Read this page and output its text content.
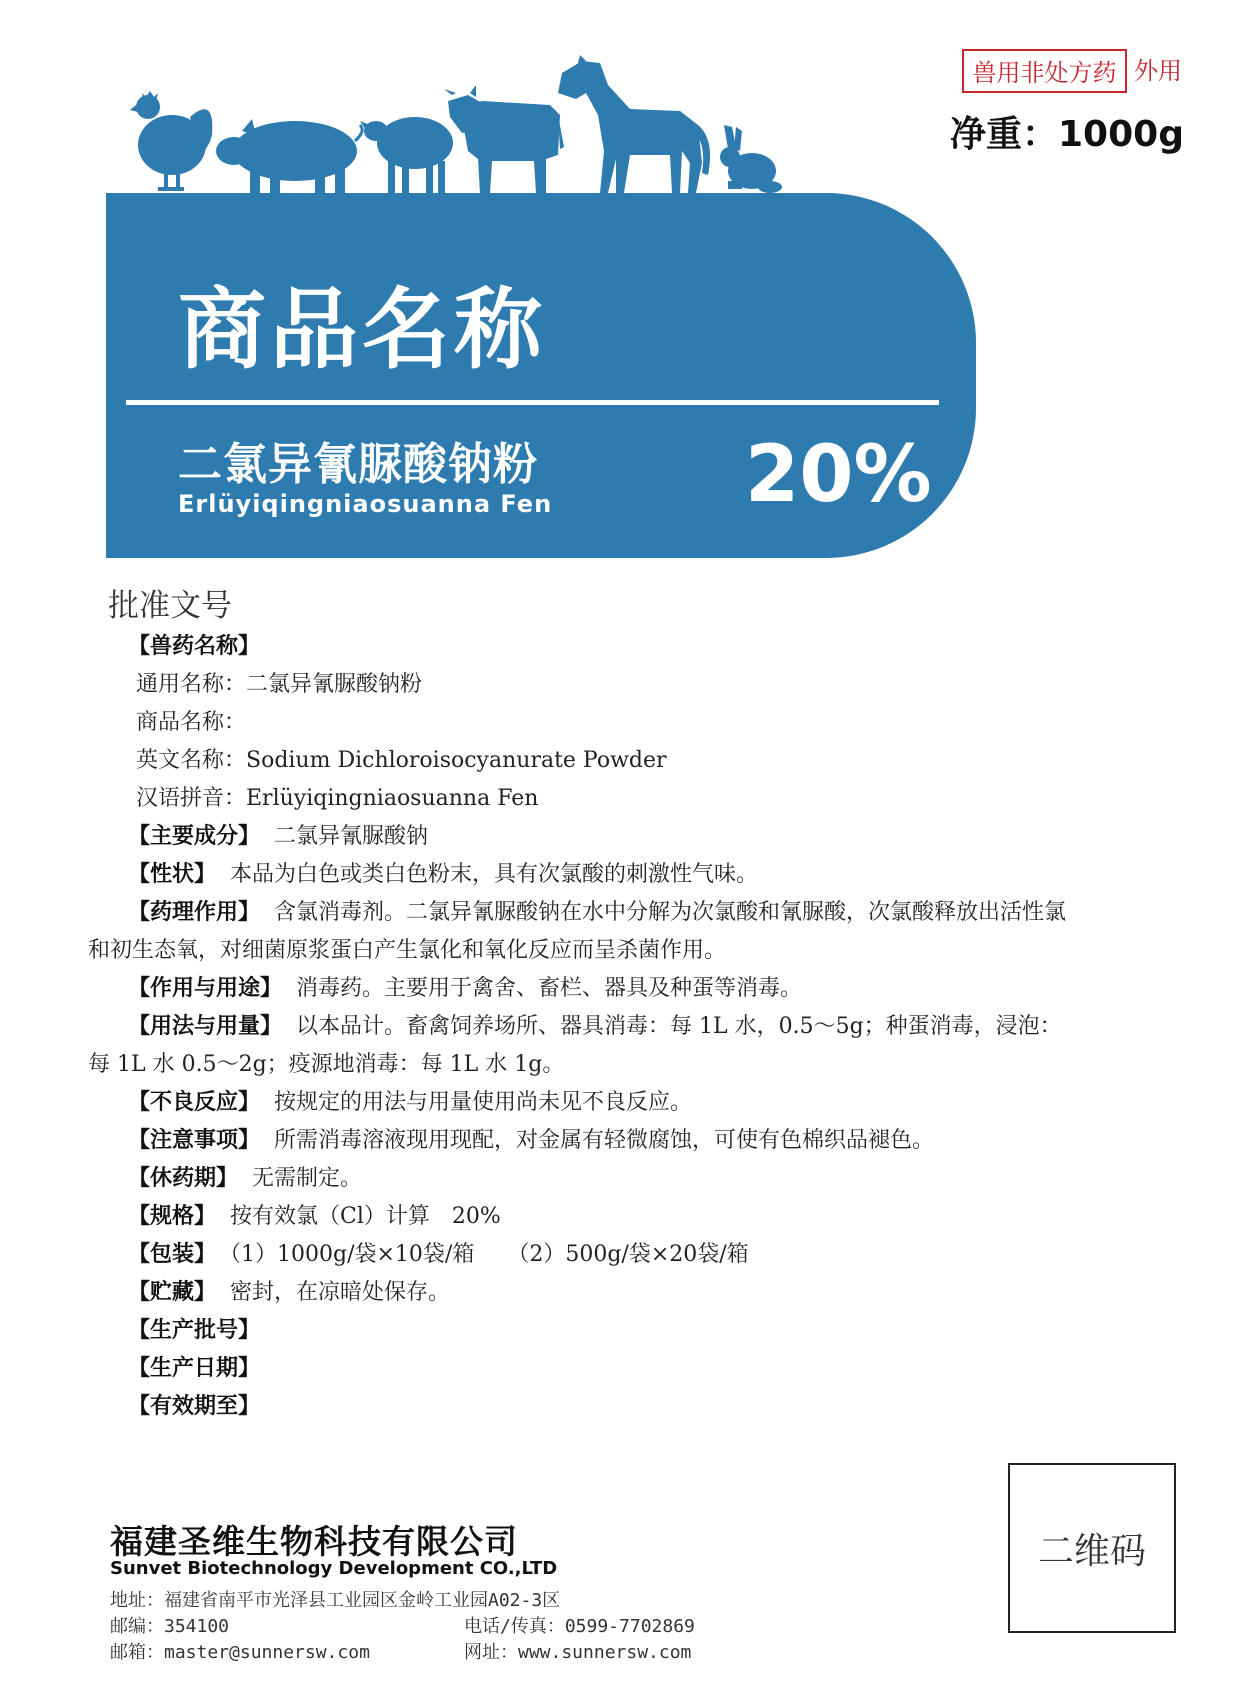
兽用非处方药 外用
净重：1000g
商品名称
二氯异氰脲酸钠粉
Erlüyiqingniaosuanna Fen 20%
批准文号
【兽药名称】
通用名称：二氯异氰脲酸钠粉
商品名称：
英文名称：Sodium Dichloroisocyanurate Powder
汉语拼音：Erlüyiqingniaosuanna Fen
【主要成分】 二氯异氰脲酸钠
【性状】 本品为白色或类白色粉末，具有次氯酸的刺激性气味。
【药理作用】 含氯消毒剂。二氯异氰脲酸钠在水中分解为次氯酸和氰脲酸，次氯酸释放出活性氯
和初生态氧，对细菌原浆蛋白产生氯化和氧化反应而呈杀菌作用。
【作用与用途】 消毒药。主要用于禽舍、畜栏、器具及种蛋等消毒。
【用法与用量】 以本品计。畜禽饲养场所、器具消毒：每 1L 水，0.5～5g；种蛋消毒，浸泡：
每 1L 水 0.5～2g；疫源地消毒：每 1L 水 1g。
【不良反应】 按规定的用法与用量使用尚未见不良反应。
【注意事项】 所需消毒溶液现用现配，对金属有轻微腐蚀，可使有色棉织品褪色。
【休药期】 无需制定。
【规格】 按有效氯（Cl）计算　20%
【包装】 （1）1000g/袋×10袋/箱　　（2）500g/袋×20袋/箱
【贮藏】 密封，在凉暗处保存。
【生产批号】
【生产日期】
【有效期至】
福建圣维生物科技有限公司
Sunvet Biotechnology Development CO.,LTD
地址：福建省南平市光泽县工业园区金岭工业园A02-3区
邮编：354100	电话/传真：0599-7702869
邮箱：master@sunnersw.com	网址：www.sunnersw.com
二维码
